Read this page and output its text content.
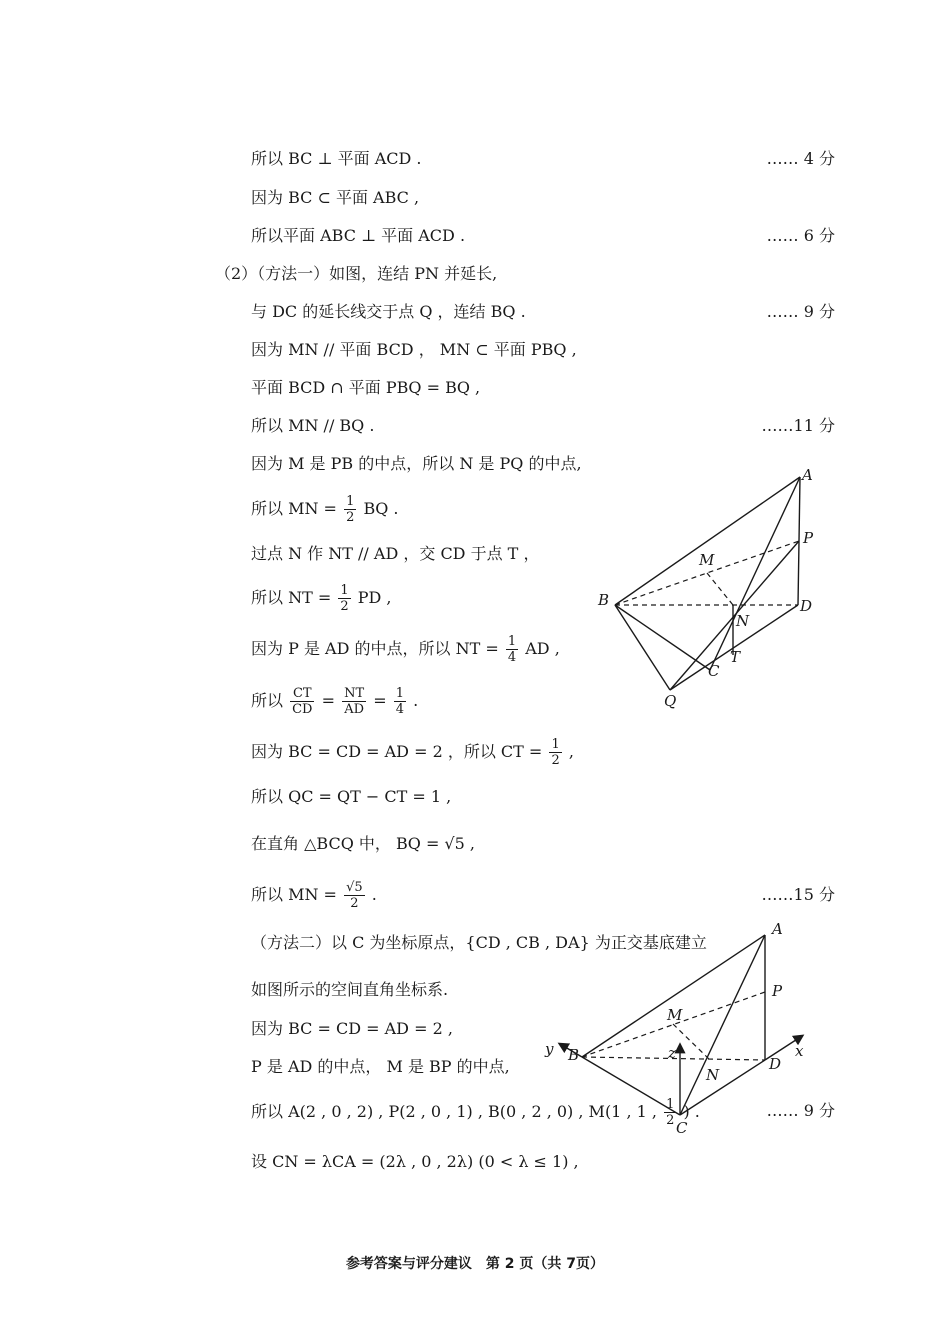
所以 BC ⊥ 平面 ACD .	…… 4 分
因为 BC ⊂ 平面 ABC ,
所以平面 ABC ⊥ 平面 ACD .	…… 6 分
（2）（方法一）如图，连结 PN 并延长,
与 DC 的延长线交于点 Q ，连结 BQ .	…… 9 分
因为 MN // 平面 BCD ， MN ⊂ 平面 PBQ ,
平面 BCD ∩ 平面 PBQ = BQ ,
所以 MN // BQ .	……11 分
因为 M 是 PB 的中点，所以 N 是 PQ 的中点,
所以 MN = $\frac{1}{2}$ BQ .
过点 N 作 NT // AD ，交 CD 于点 T ，
所以 NT = $\frac{1}{2}$ PD ,
因为 P 是 AD 的中点，所以 NT = $\frac{1}{4}$ AD ,
所以 $\frac{CT}{CD} = \frac{NT}{AD} = \frac{1}{4}$ .
因为 BC = CD = AD = 2 ，所以 CT = $\frac{1}{2}$ ,
所以 QC = QT − CT = 1 ,
在直角 △BCQ 中， BQ = √5 ,
所以 MN = $\frac{√5}{2}$ .	……15 分
（方法二）以 C 为坐标原点，{CD , CB , DA} 为正交基底建立
如图所示的空间直角坐标系.
因为 BC = CD = AD = 2 ,
P 是 AD 的中点， M 是 BP 的中点,
所以 A(2 , 0 , 2) , P(2 , 0 , 1) , B(0 , 2 , 0) , M(1 , 1 , $\frac{1}{2}$ ) .	…… 9 分
设 CN = λCA = (2λ , 0 , 2λ) (0 < λ ≤ 1) ,
A
P
M
B	D
N
T
C
Q
A
P
M
B	D
N
C
x
y	z
参考答案与评分建议　第 2 页（共 7页）
